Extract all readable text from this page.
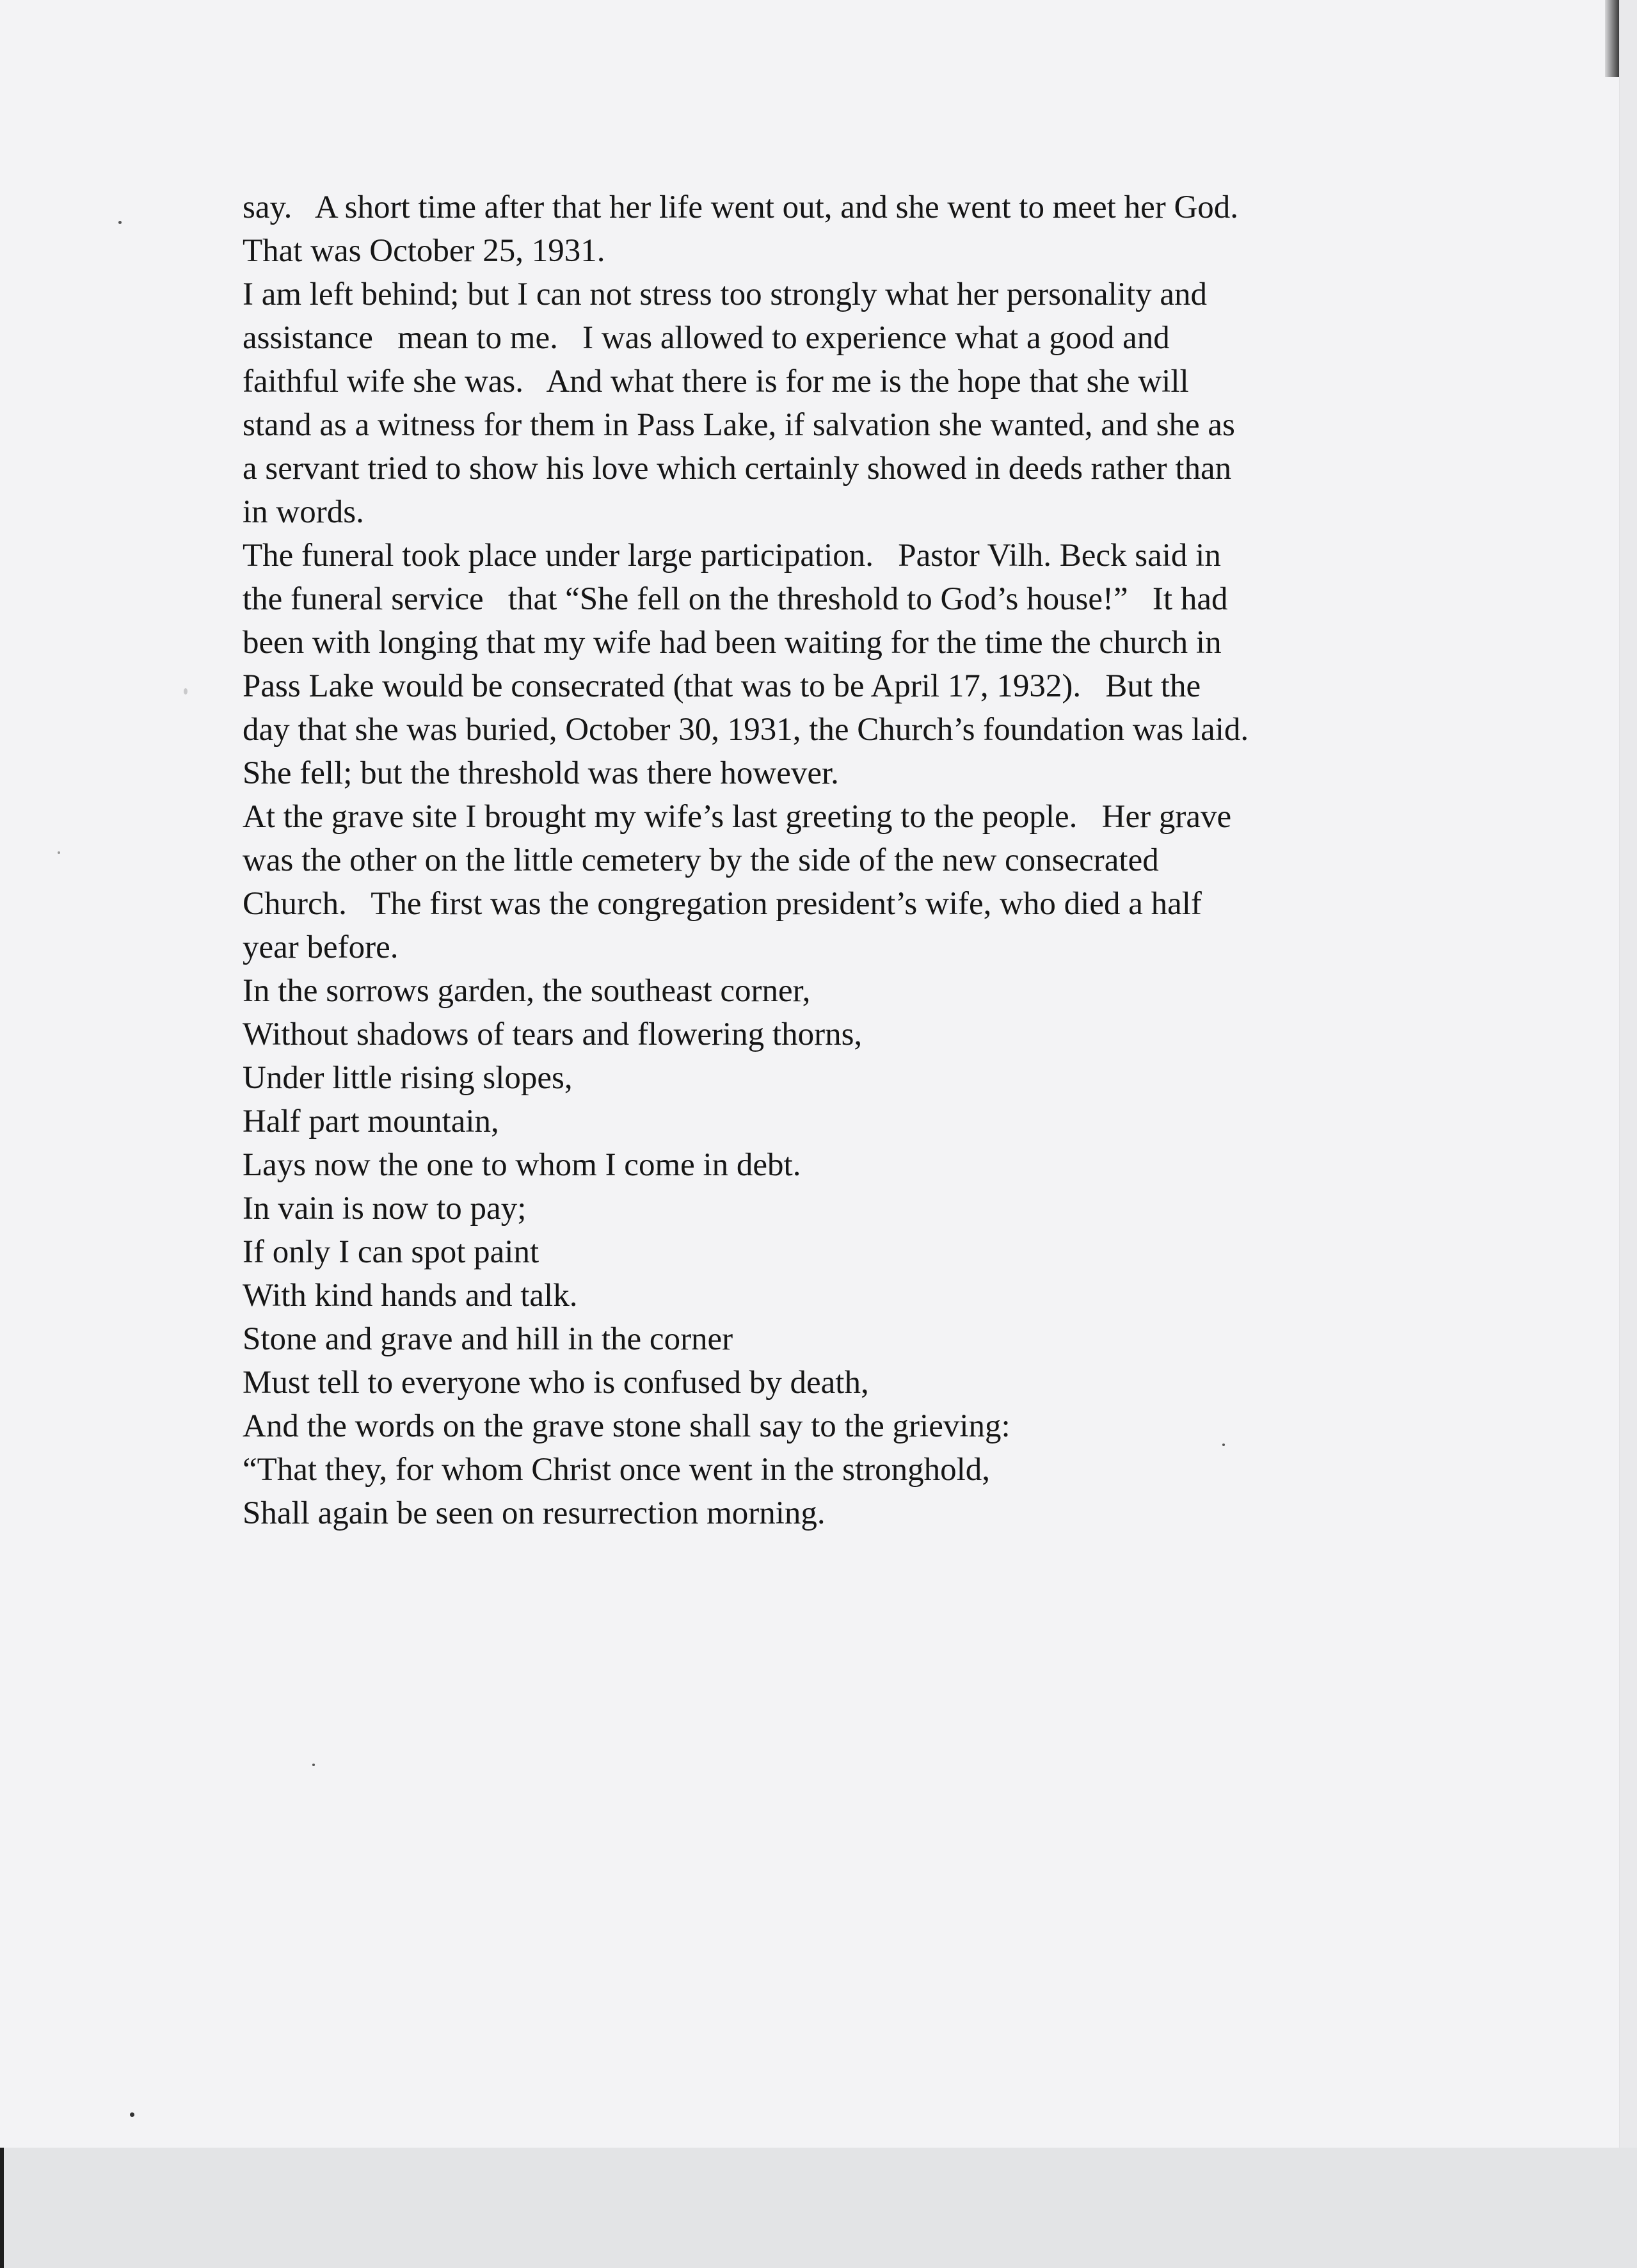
say.   A short time after that her life went out, and she went to meet her God.
That was October 25, 1931.
I am left behind; but I can not stress too strongly what her personality and
assistance   mean to me.   I was allowed to experience what a good and
faithful wife she was.   And what there is for me is the hope that she will
stand as a witness for them in Pass Lake, if salvation she wanted, and she as
a servant tried to show his love which certainly showed in deeds rather than
in words.
The funeral took place under large participation.   Pastor Vilh. Beck said in
the funeral service   that “She fell on the threshold to God’s house!”   It had
been with longing that my wife had been waiting for the time the church in
Pass Lake would be consecrated (that was to be April 17, 1932).   But the
day that she was buried, October 30, 1931, the Church’s foundation was laid.
She fell; but the threshold was there however.
At the grave site I brought my wife’s last greeting to the people.   Her grave
was the other on the little cemetery by the side of the new consecrated
Church.   The first was the congregation president’s wife, who died a half
year before.
In the sorrows garden, the southeast corner,
Without shadows of tears and flowering thorns,
Under little rising slopes,
Half part mountain,
Lays now the one to whom I come in debt.
In vain is now to pay;
If only I can spot paint
With kind hands and talk.
Stone and grave and hill in the corner
Must tell to everyone who is confused by death,
And the words on the grave stone shall say to the grieving:
“That they, for whom Christ once went in the stronghold,
Shall again be seen on resurrection morning.
